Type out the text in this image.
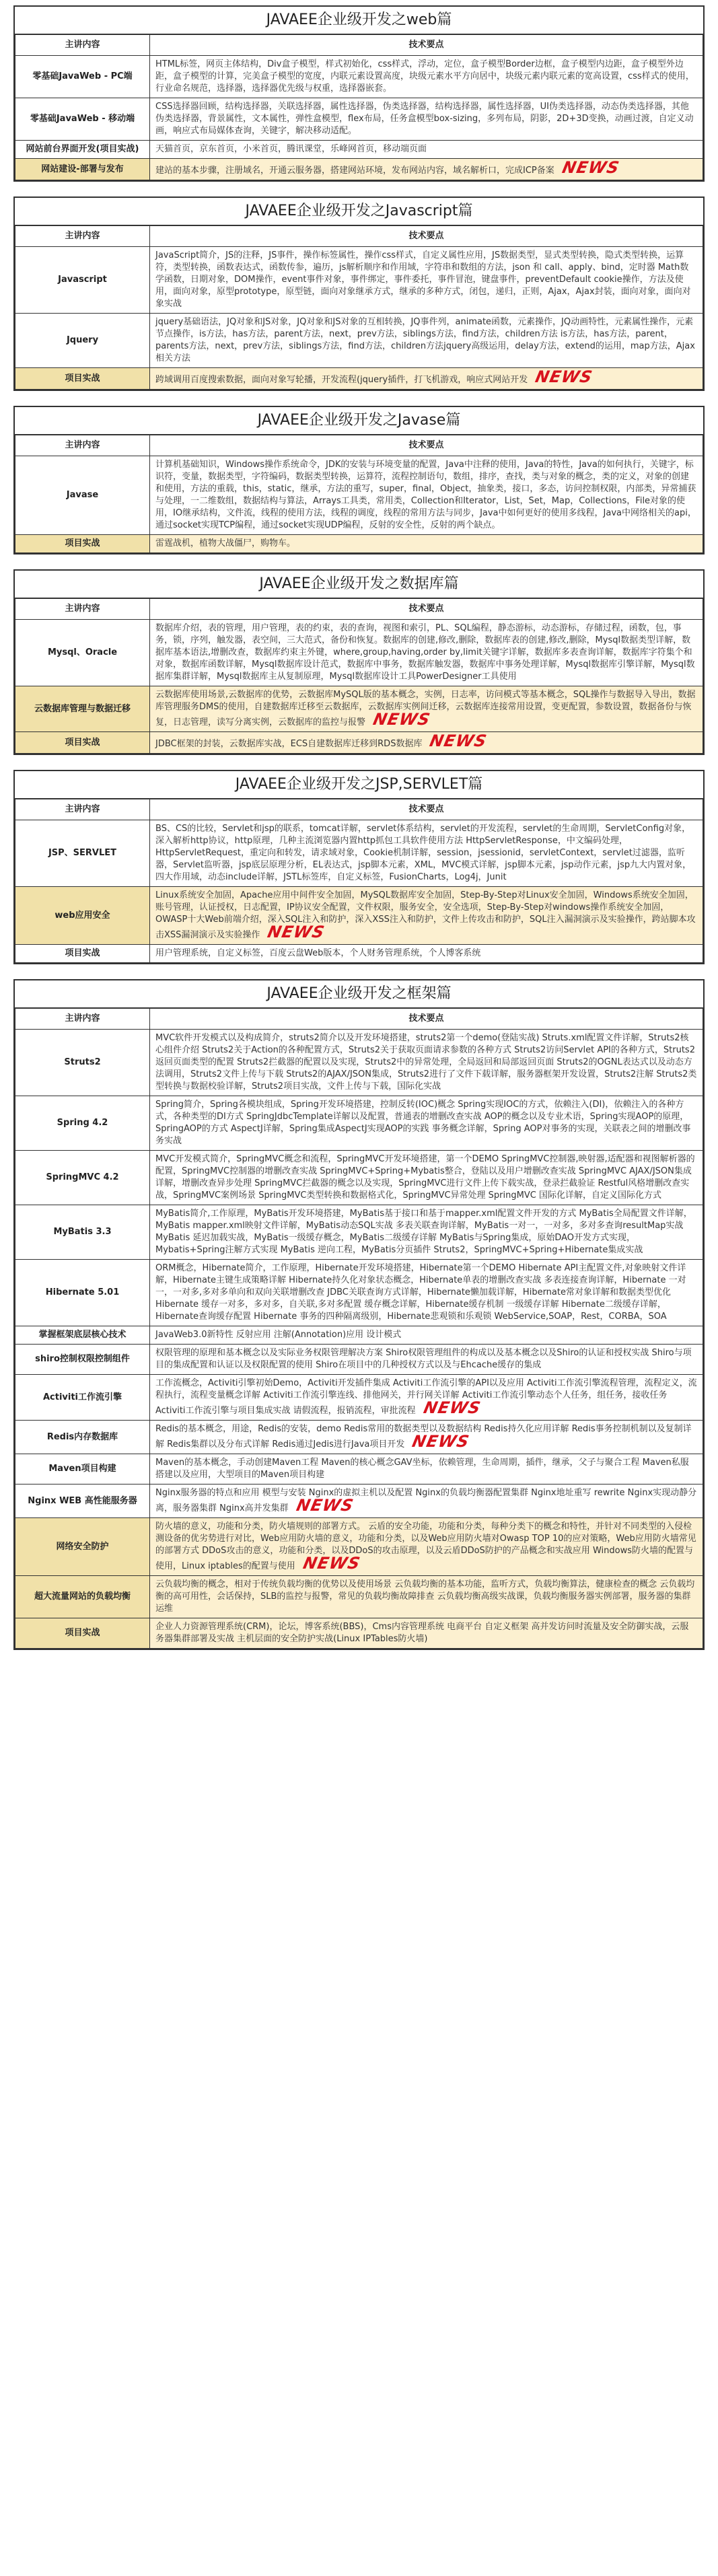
JAVAEE企业级开发之web篇
主讲内容	技术要点
零基础JavaWeb - PC端	HTML标签，网页主体结构，Div盒子模型，样式初始化，css样式，浮动，定位，盒子模型Border边框，盒子模型内边距，盒子模型外边距，盒子模型的计算，完美盒子模型的宽度，内联元素设置高度，块级元素水平方向居中，块级元素内联元素的宽高设置，css样式的使用，行业命名规范，选择器，选择器优先级与权重，选择器嵌套。
零基础JavaWeb - 移动端	CSS选择器回顾，结构选择器，关联选择器，属性选择器，伪类选择器，结构选择器，属性选择器，UI伪类选择器，动态伪类选择器，其他伪类选择器，背景属性，文本属性，弹性盒模型，flex布局，任务盒模型box-sizing，多列布局，阴影，2D+3D变换，动画过渡，自定义动画，响应式布局媒体查询，关键字，解决移动适配。
网站前台界面开发(项目实战)	天猫首页，京东首页，小米首页，腾讯课堂，乐峰网首页，移动端页面
网站建设-部署与发布	建站的基本步骤，注册域名，开通云服务器，搭建网站环境，发布网站内容，域名解析口，完成ICP备案 NEWS
JAVAEE企业级开发之Javascript篇
主讲内容	技术要点
Javascript	JavaScript简介，JS的注释，JS事件，操作标签属性，操作css样式，自定义属性应用，JS数据类型，显式类型转换，隐式类型转换，运算符，类型转换，函数表达式，函数传参，遍历，js解析顺序和作用域，字符串和数组的方法，json 和 call、apply、bind，定时器 Math数学函数，日期对象，DOM操作，event事件对象，事件绑定，事件委托，事件冒泡，键盘事件，preventDefault cookie操作，方法及使用，面向对象，原型prototype，原型链，面向对象继承方式，继承的多种方式，闭包，递归，正则，Ajax，Ajax封装，面向对象，面向对象实战
Jquery	jquery基础语法，JQ对象和JS对象，JQ对象和JS对象的互相转换，JQ事件列，animate函数，元素操作，JQ动画特性，元素属性操作，元素节点操作，is方法，has方法，parent方法，next，prev方法，siblings方法，find方法，children方法 is方法，has方法，parent，parents方法，next，prev方法，siblings方法，find方法，children方法jquery高级运用，delay方法，extend的运用，map方法，Ajax相关方法
项目实战	跨域调用百度搜索数据，面向对象写轮播，开发流程(jquery插件，打飞机游戏，响应式网站开发 NEWS
JAVAEE企业级开发之Javase篇
主讲内容	技术要点
Javase	计算机基础知识，Windows操作系统命令，JDK的安装与环境变量的配置，Java中注释的使用，Java的特性，Java的如何执行，关键字，标识符，变量，数据类型，字符编码，数据类型转换，运算符，流程控制语句，数组，排序，查找，类与对象的概念，类的定义，对象的创建和使用，方法的重载，this，static，继承，方法的重写，super，final，Object，抽象类，接口，多态，访问控制权限，内部类，异常捕获与处理，一二维数组，数据结构与算法，Arrays工具类，常用类，Collection和Iterator，List，Set，Map，Collections，File对象的使用，IO继承结构，文件流，线程的使用方法，线程的调度，线程的常用方法与同步，Java中如何更好的使用多线程，Java中网络相关的api，通过socket实现TCP编程，通过socket实现UDP编程，反射的安全性，反射的两个缺点。
项目实战	雷霆战机，植物大战僵尸，购物车。
JAVAEE企业级开发之数据库篇
主讲内容	技术要点
Mysql、Oracle	数据库介绍，表的管理，用户管理，表的约束，表的查询，视图和索引，PL、SQL编程，静态游标，动态游标，存储过程，函数，包，事务，锁，序列，触发器，表空间，三大范式，备份和恢复。数据库的创建,修改,删除，数据库表的创建,修改,删除，Mysql数据类型详解，数据库基本语法,增删改查，数据库约束主外键，where,group,having,order by,limit关键字详解，数据库多表查询详解，数据库字符集个和对象，数据库函数详解，Mysql数据库设计范式，数据库中事务，数据库触发器，数据库中事务处理详解，Mysql数据库引擎详解，Mysql数据库集群详解，Mysql数据库主从复制原理，Mysql数据库设计工具PowerDesigner工具使用
云数据库管理与数据迁移	云数据库使用场景,云数据库的优势，云数据库MySQL版的基本概念，实例，日志率，访问模式等基本概念，SQL操作与数据导入导出，数据库管理服务DMS的使用，自建数据库迁移至云数据库，云数据库实例间迁移，云数据库连接常用设置，变更配置，参数设置，数据备份与恢复，日志管理，读写分离实例，云数据库的监控与报警 NEWS
项目实战	JDBC框架的封装，云数据库实战，ECS自建数据库迁移到RDS数据库 NEWS
JAVAEE企业级开发之JSP,SERVLET篇
主讲内容	技术要点
JSP、SERVLET	BS、CS的比较，Servlet和jsp的联系，tomcat详解，servlet体系结构，servlet的开发流程，servlet的生命周期，ServletConfig对象，深入解析http协议，http原理，几种主流浏览器内置http抓包工具软件使用方法 HttpServletResponse，中文编码处理，HttpServletRequest，重定向和转发，请求域对象，Cookie机制详解，session，jsessionid，servletContext，servlet过滤器，监听器，Servlet监听器，jsp底层原理分析，EL表达式，jsp脚本元素，XML，MVC模式详解，jsp脚本元素，jsp动作元素，jsp九大内置对象，四大作用域，动态include详解，JSTL标签库，自定义标签，FusionCharts，Log4j，Junit
web应用安全	Linux系统安全加固，Apache应用中间件安全加固，MySQL数据库安全加固，Step-By-Step对Linux安全加固，Windows系统安全加固，账号管理，认证授权，日志配置，IP协议安全配置，文件权限，服务安全，安全选项，Step-By-Step对windows操作系统安全加固，OWASP十大Web前端介绍，深入SQL注入和防护，深入XSS注入和防护，文件上传攻击和防护，SQL注入漏洞演示及实验操作，跨站脚本攻击XSS漏洞演示及实验操作 NEWS
项目实战	用户管理系统，自定义标签，百度云盘Web版本，个人财务管理系统，个人博客系统
JAVAEE企业级开发之框架篇
主讲内容	技术要点
Struts2	MVC软件开发模式以及构成简介，struts2简介以及开发环境搭建，struts2第一个demo(登陆实战) Struts.xml配置文件详解，Struts2核心组件介绍 Struts2关于Action的各种配置方式，Struts2关于获取页面请求参数的各种方式 Struts2访问Servlet API的各种方式，Struts2返回页面类型的配置 Struts2拦截器的配置以及实现，Struts2中的异常处理，全局返回和局部返回页面 Struts2的OGNL表达式以及动态方法调用，Struts2文件上传与下载 Struts2的AJAX/JSON集成，Struts2进行了文件下载详解，服务器框架开发设置，Struts2注解 Struts2类型转换与数据校验详解，Struts2项目实战，文件上传与下载，国际化实战
Spring 4.2	Spring简介，Spring各模块组成，Spring开发环境搭建，控制反转(IOC)概念 Spring实现IOC的方式，依赖注入(DI)，依赖注入的各种方式，各种类型的DI方式 SpringJdbcTemplate详解以及配置，普通表的增删改查实战 AOP的概念以及专业术语，Spring实现AOP的原理，SpringAOP的方式 AspectJ详解，Spring集成AspectJ实现AOP的实践 事务概念详解，Spring AOP对事务的实现，关联表之间的增删改事务实战
SpringMVC 4.2	MVC开发模式简介，SpringMVC概念和流程，SpringMVC开发环境搭建，第一个DEMO SpringMVC控制器,映射器,适配器和视图解析器的配置，SpringMVC控制器的增删改查实战 SpringMVC+Spring+Mybatis整合，登陆以及用户增删改查实战 SpringMVC AJAX/JSON集成详解，增删改查异步处理 SpringMVC拦截器的概念以及实现，SpringMVC进行文件上传下载实战，登录拦截验证 Restful风格增删改查实战，SpringMVC案例场景 SpringMVC类型转换和数据格式化，SpringMVC异常处理 SpringMVC 国际化详解，自定义国际化方式
MyBatis 3.3	MyBatis简介,工作原理，MyBatis开发环境搭建，MyBatis基于接口和基于mapper.xml配置文件开发的方式 MyBatis全局配置文件详解，MyBatis mapper.xml映射文件详解，MyBatis动态SQL实战 多表关联查询详解，MyBatis一对一，一对多，多对多查询resultMap实战 MyBatis 延迟加载实战，MyBatis一级缓存概念，MyBatis二级缓存详解 MyBatis与Spring集成，原始DAO开发方式实现，Mybatis+Spring注解方式实现 MyBatis 逆向工程，MyBatis分页插件 Struts2，SpringMVC+Spring+Hibernate集成实战
Hibernate 5.01	ORM概念，Hibernate简介，工作原理，Hibernate开发环境搭建，Hibernate第一个DEMO Hibernate API主配置文件,对象映射文件详解，Hibernate主键生成策略详解 Hibernate持久化对象状态概念，Hibernate单表的增删改查实战 多表连接查询详解，Hibernate 一对一，一对多,多对多单向和双向关联增删改查 JDBC关联查询方式详解，Hibernate懒加载详解，Hibernate常对象详解和数据类型优化 Hibernate 缓存一对多，多对多，自关联,多对多配置 缓存概念详解，Hibernate缓存机制 一级缓存详解 Hibernate二级缓存详解，Hibernate查询缓存配置 Hibernate 事务的四种隔离级别，Hibernate悲观锁和乐观锁 WebService,SOAP，Rest，CORBA，SOA
掌握框架底层核心技术	JavaWeb3.0新特性 反射应用 注解(Annotation)应用 设计模式
shiro控制权限控制组件	权限管理的原理和基本概念以及实际业务权限管理解决方案 Shiro权限管理组件的构成以及基本概念以及Shiro的认证和授权实战 Shiro与项目的集成配置和认证以及权限配置的使用 Shiro在项目中的几种授权方式以及与Ehcache缓存的集成
Activiti工作流引擎	工作流概念，Activiti引擎初始Demo，Activiti开发插件集成 Activiti工作流引擎的API以及应用 Activiti工作流引擎流程管理，流程定义，流程执行，流程变量概念详解 Activiti工作流引擎连线、排他网关，并行网关详解 Activiti工作流引擎动态个人任务，组任务，接收任务 Activiti工作流引擎与项目集成实战 请假流程，报销流程，审批流程 NEWS
Redis内存数据库	Redis的基本概念，用途，Redis的安装，demo Redis常用的数据类型以及数据结构 Redis持久化应用详解 Redis事务控制机制以及复制详解 Redis集群以及分布式详解 Redis通过Jedis进行Java项目开发 NEWS
Maven项目构建	Maven的基本概念，手动创建Maven工程 Maven的核心概念GAV坐标，依赖管理，生命周期，插件，继承，父子与聚合工程 Maven私服搭建以及应用，大型项目的Maven项目构建
Nginx WEB 高性能服务器	Nginx服务器的特点和应用 模型与安装 Nginx的虚拟主机以及配置 Nginx的负载均衡器配置集群 Nginx地址重写 rewrite Nginx实现动静分离，服务器集群 Nginx高并发集群 NEWS
网络安全防护	防火墙的意义，功能和分类，防火墙规则的部署方式。 云盾的安全功能，功能和分类，每种分类下的概念和特性，并针对不同类型的入侵检测设备的优劣势进行对比，Web应用防火墙的意义，功能和分类，以及Web应用防火墙对Owasp TOP 10的应对策略，Web应用防火墙常见的部署方式 DDoS攻击的意义，功能和分类，以及DDoS的攻击原理，以及云盾DDoS防护的产品概念和实战应用 Windows防火墙的配置与使用，Linux iptables的配置与使用 NEWS
超大流量网站的负载均衡	云负载均衡的概念，相对于传统负载均衡的优势以及使用场景 云负载均衡的基本功能，监听方式，负载均衡算法，健康检查的概念 云负载均衡的高可用性，会话保持，SLB的监控与报警，常见的负载均衡故障排查 云负载均衡高级实战课，负载均衡服务器实例部署，服务器的集群运维
项目实战	企业人力资源管理系统(CRM)，论坛，博客系统(BBS)，Cms内容管理系统 电商平台 自定义框架 高并发访问时流量及安全防御实战，云服务器集群部署及实战 主机层面的安全防护实战(Linux IPTables防火墙)
